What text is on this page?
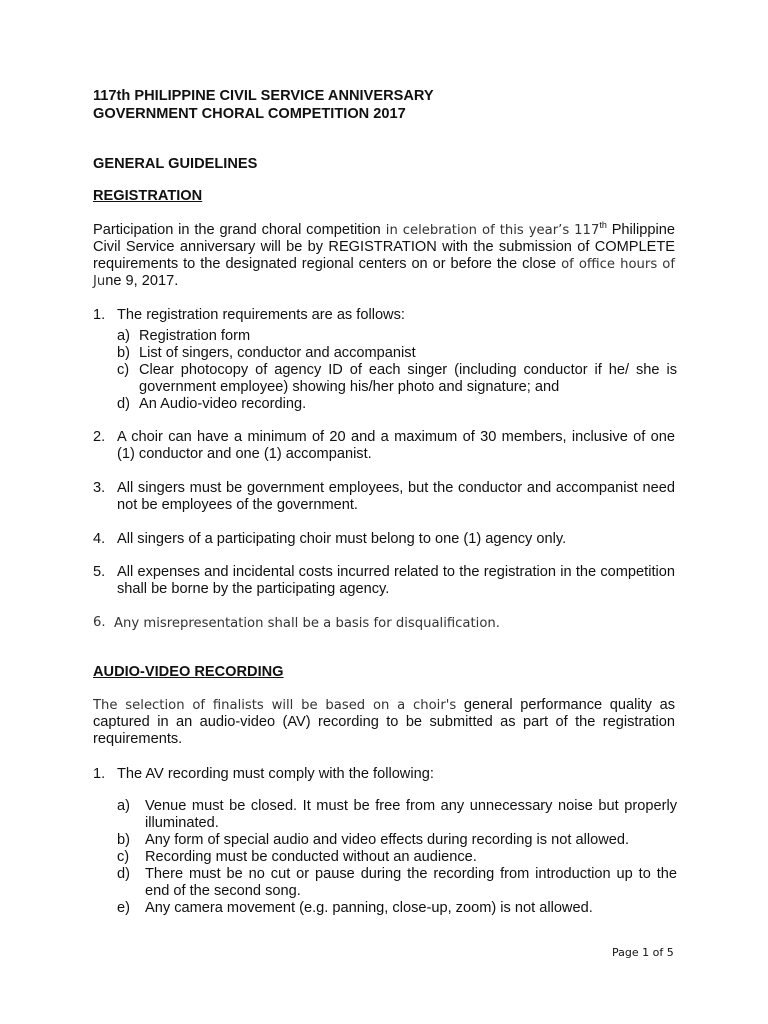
117th PHILIPPINE CIVIL SERVICE ANNIVERSARY
GOVERNMENT CHORAL COMPETITION 2017
GENERAL GUIDELINES
REGISTRATION
Participation in the grand choral competition in celebration of this year’s 117th Philippine Civil Service anniversary will be by REGISTRATION with the submission of COMPLETE requirements to the designated regional centers on or before the close of office hours of June 9, 2017.
1. The registration requirements are as follows:
a) Registration form
b) List of singers, conductor and accompanist
c) Clear photocopy of agency ID of each singer (including conductor if he/ she is government employee) showing his/her photo and signature; and
d) An Audio-video recording.
2. A choir can have a minimum of 20 and a maximum of 30 members, inclusive of one (1) conductor and one (1) accompanist.
3. All singers must be government employees, but the conductor and accompanist need not be employees of the government.
4. All singers of a participating choir must belong to one (1) agency only.
5. All expenses and incidental costs incurred related to the registration in the competition shall be borne by the participating agency.
6. Any misrepresentation shall be a basis for disqualification.
AUDIO-VIDEO RECORDING
The selection of finalists will be based on a choir's general performance quality as captured in an audio-video (AV) recording to be submitted as part of the registration requirements.
1. The AV recording must comply with the following:
a) Venue must be closed. It must be free from any unnecessary noise but properly illuminated.
b) Any form of special audio and video effects during recording is not allowed.
c) Recording must be conducted without an audience.
d) There must be no cut or pause during the recording from introduction up to the end of the second song.
e) Any camera movement (e.g. panning, close-up, zoom) is not allowed.
Page 1 of 5
